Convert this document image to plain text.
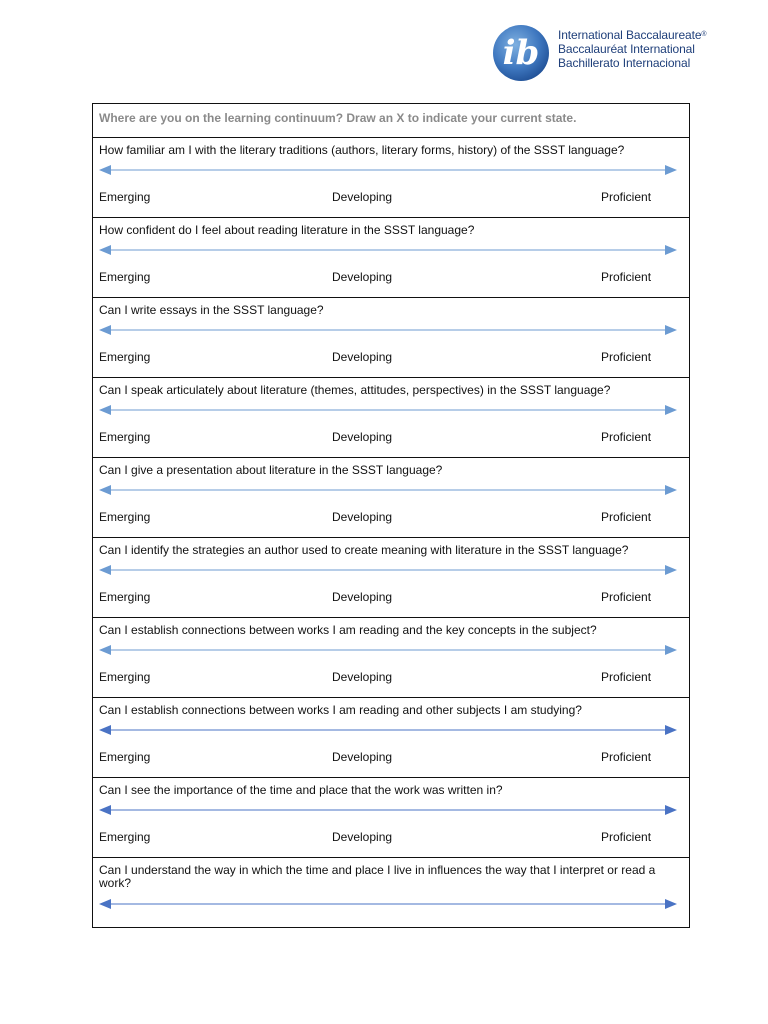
ib International Baccalaureate®
Baccalauréat International
Bachillerato Internacional
Where are you on the learning continuum? Draw an X to indicate your current state.
How familiar am I with the literary traditions (authors, literary forms, history) of the SSST language?
Emerging	Developing	Proficient
How confident do I feel about reading literature in the SSST language?
Emerging	Developing	Proficient
Can I write essays in the SSST language?
Emerging	Developing	Proficient
Can I speak articulately about literature (themes, attitudes, perspectives) in the SSST language?
Emerging	Developing	Proficient
Can I give a presentation about literature in the SSST language?
Emerging	Developing	Proficient
Can I identify the strategies an author used to create meaning with literature in the SSST language?
Emerging	Developing	Proficient
Can I establish connections between works I am reading and the key concepts in the subject?
Emerging	Developing	Proficient
Can I establish connections between works I am reading and other subjects I am studying?
Emerging	Developing	Proficient
Can I see the importance of the time and place that the work was written in?
Emerging	Developing	Proficient
Can I understand the way in which the time and place I live in influences the way that I interpret or read a work?
